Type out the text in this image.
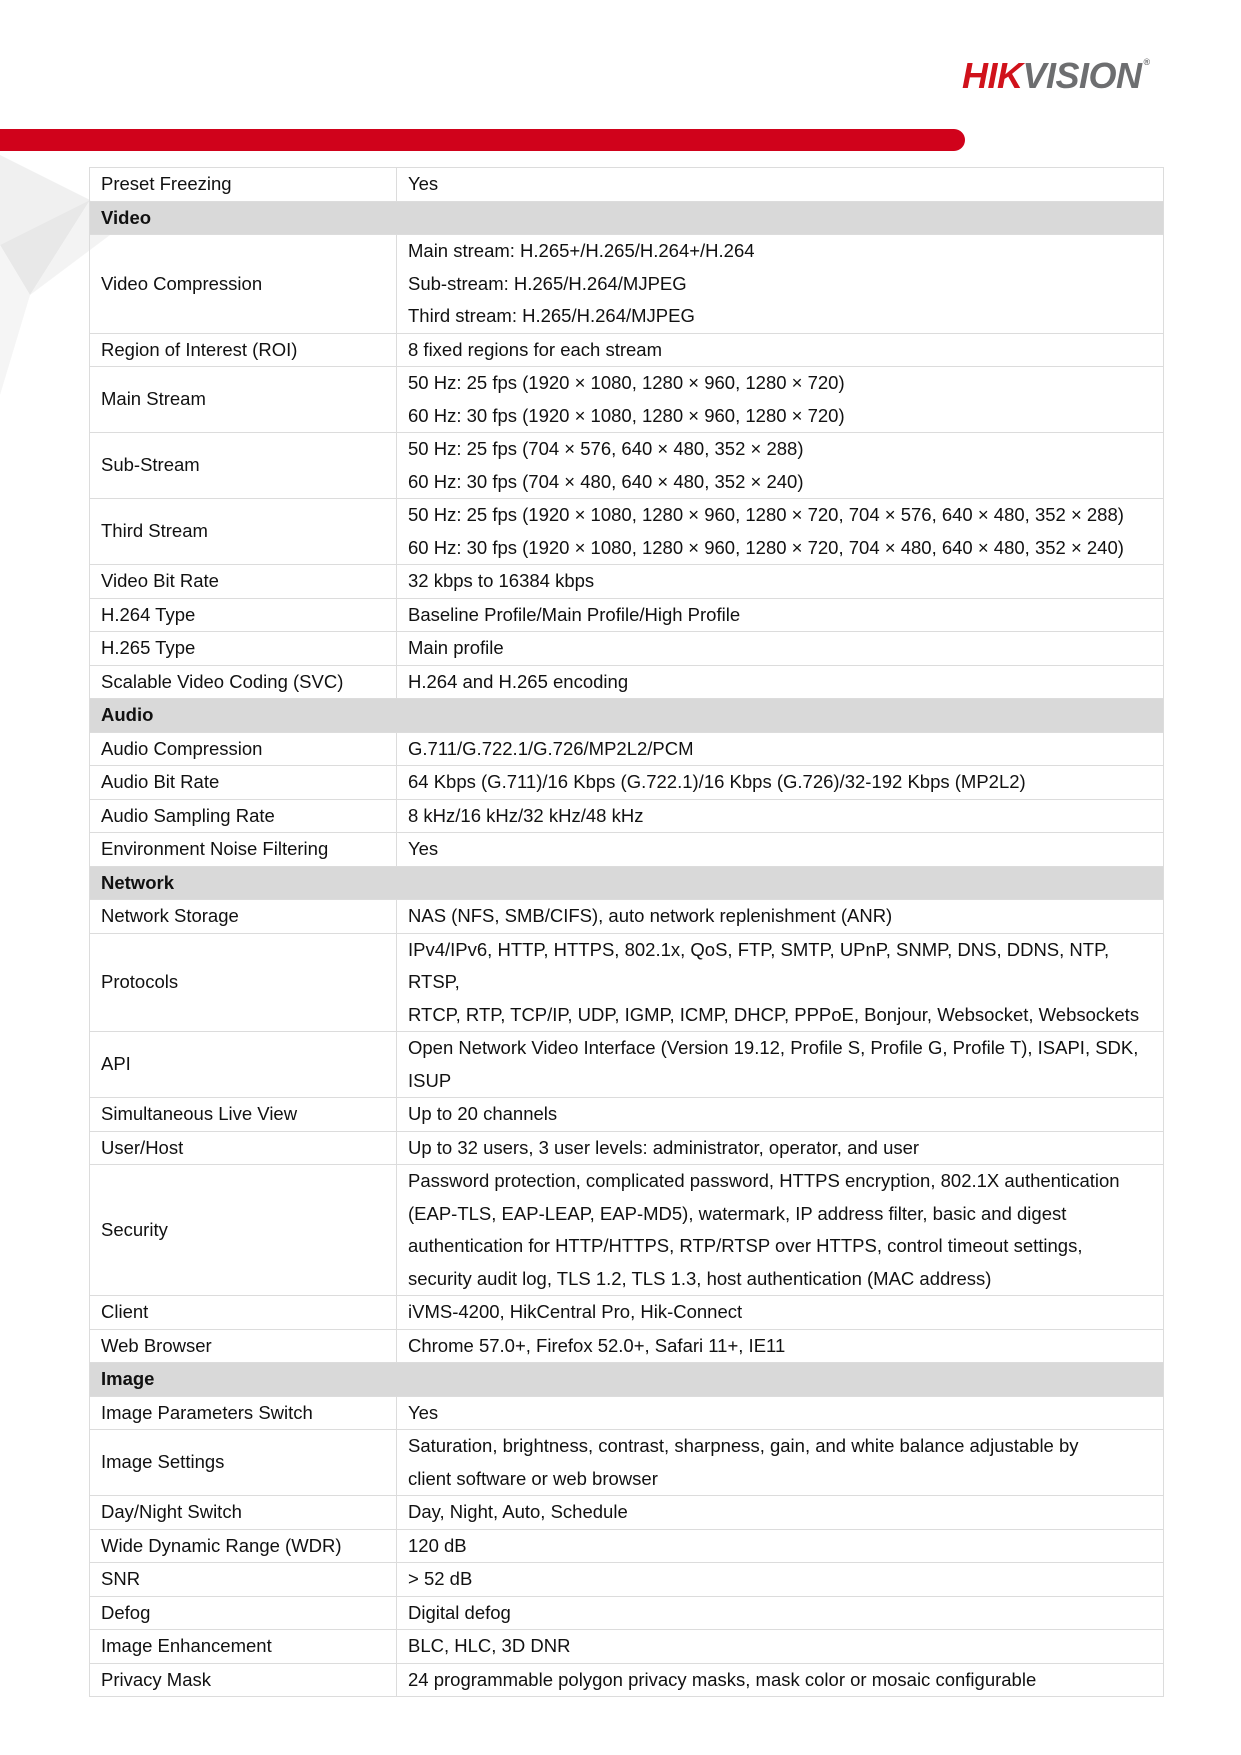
HIKVISION ®
Preset Freezing	Yes

Video	
Video Compression	Main stream: H.265+/H.265/H.264+/H.264
Sub-stream: H.265/H.264/MJPEG
Third stream: H.265/H.264/MJPEG

Region of Interest (ROI)	8 fixed regions for each stream

Main Stream	50 Hz: 25 fps (1920 × 1080, 1280 × 960, 1280 × 720)
60 Hz: 30 fps (1920 × 1080, 1280 × 960, 1280 × 720)

Sub-Stream	50 Hz: 25 fps (704 × 576, 640 × 480, 352 × 288)
60 Hz: 30 fps (704 × 480, 640 × 480, 352 × 240)

Third Stream	50 Hz: 25 fps (1920 × 1080, 1280 × 960, 1280 × 720, 704 × 576, 640 × 480, 352 × 288)
60 Hz: 30 fps (1920 × 1080, 1280 × 960, 1280 × 720, 704 × 480, 640 × 480, 352 × 240)

Video Bit Rate	32 kbps to 16384 kbps

H.264 Type	Baseline Profile/Main Profile/High Profile

H.265 Type	Main profile

Scalable Video Coding (SVC)	H.264 and H.265 encoding

Audio	
Audio Compression	G.711/G.722.1/G.726/MP2L2/PCM

Audio Bit Rate	64 Kbps (G.711)/16 Kbps (G.722.1)/16 Kbps (G.726)/32-192 Kbps (MP2L2)

Audio Sampling Rate	8 kHz/16 kHz/32 kHz/48 kHz

Environment Noise Filtering	Yes

Network	
Network Storage	NAS (NFS, SMB/CIFS), auto network replenishment (ANR)

Protocols	IPv4/IPv6, HTTP, HTTPS, 802.1x, QoS, FTP, SMTP, UPnP, SNMP, DNS, DDNS, NTP, RTSP,
RTCP, RTP, TCP/IP, UDP, IGMP, ICMP, DHCP, PPPoE, Bonjour, Websocket, Websockets

API	Open Network Video Interface (Version 19.12, Profile S, Profile G, Profile T), ISAPI, SDK,
ISUP

Simultaneous Live View	Up to 20 channels

User/Host	Up to 32 users, 3 user levels: administrator, operator, and user

Security	Password protection, complicated password, HTTPS encryption, 802.1X authentication
(EAP-TLS, EAP-LEAP, EAP-MD5), watermark, IP address filter, basic and digest
authentication for HTTP/HTTPS, RTP/RTSP over HTTPS, control timeout settings,
security audit log, TLS 1.2, TLS 1.3, host authentication (MAC address)

Client	iVMS-4200, HikCentral Pro, Hik-Connect

Web Browser	Chrome 57.0+, Firefox 52.0+, Safari 11+, IE11

Image	
Image Parameters Switch	Yes

Image Settings	Saturation, brightness, contrast, sharpness, gain, and white balance adjustable by
client software or web browser

Day/Night Switch	Day, Night, Auto, Schedule

Wide Dynamic Range (WDR)	120 dB

SNR	> 52 dB

Defog	Digital defog

Image Enhancement	BLC, HLC, 3D DNR

Privacy Mask	24 programmable polygon privacy masks, mask color or mosaic configurable
